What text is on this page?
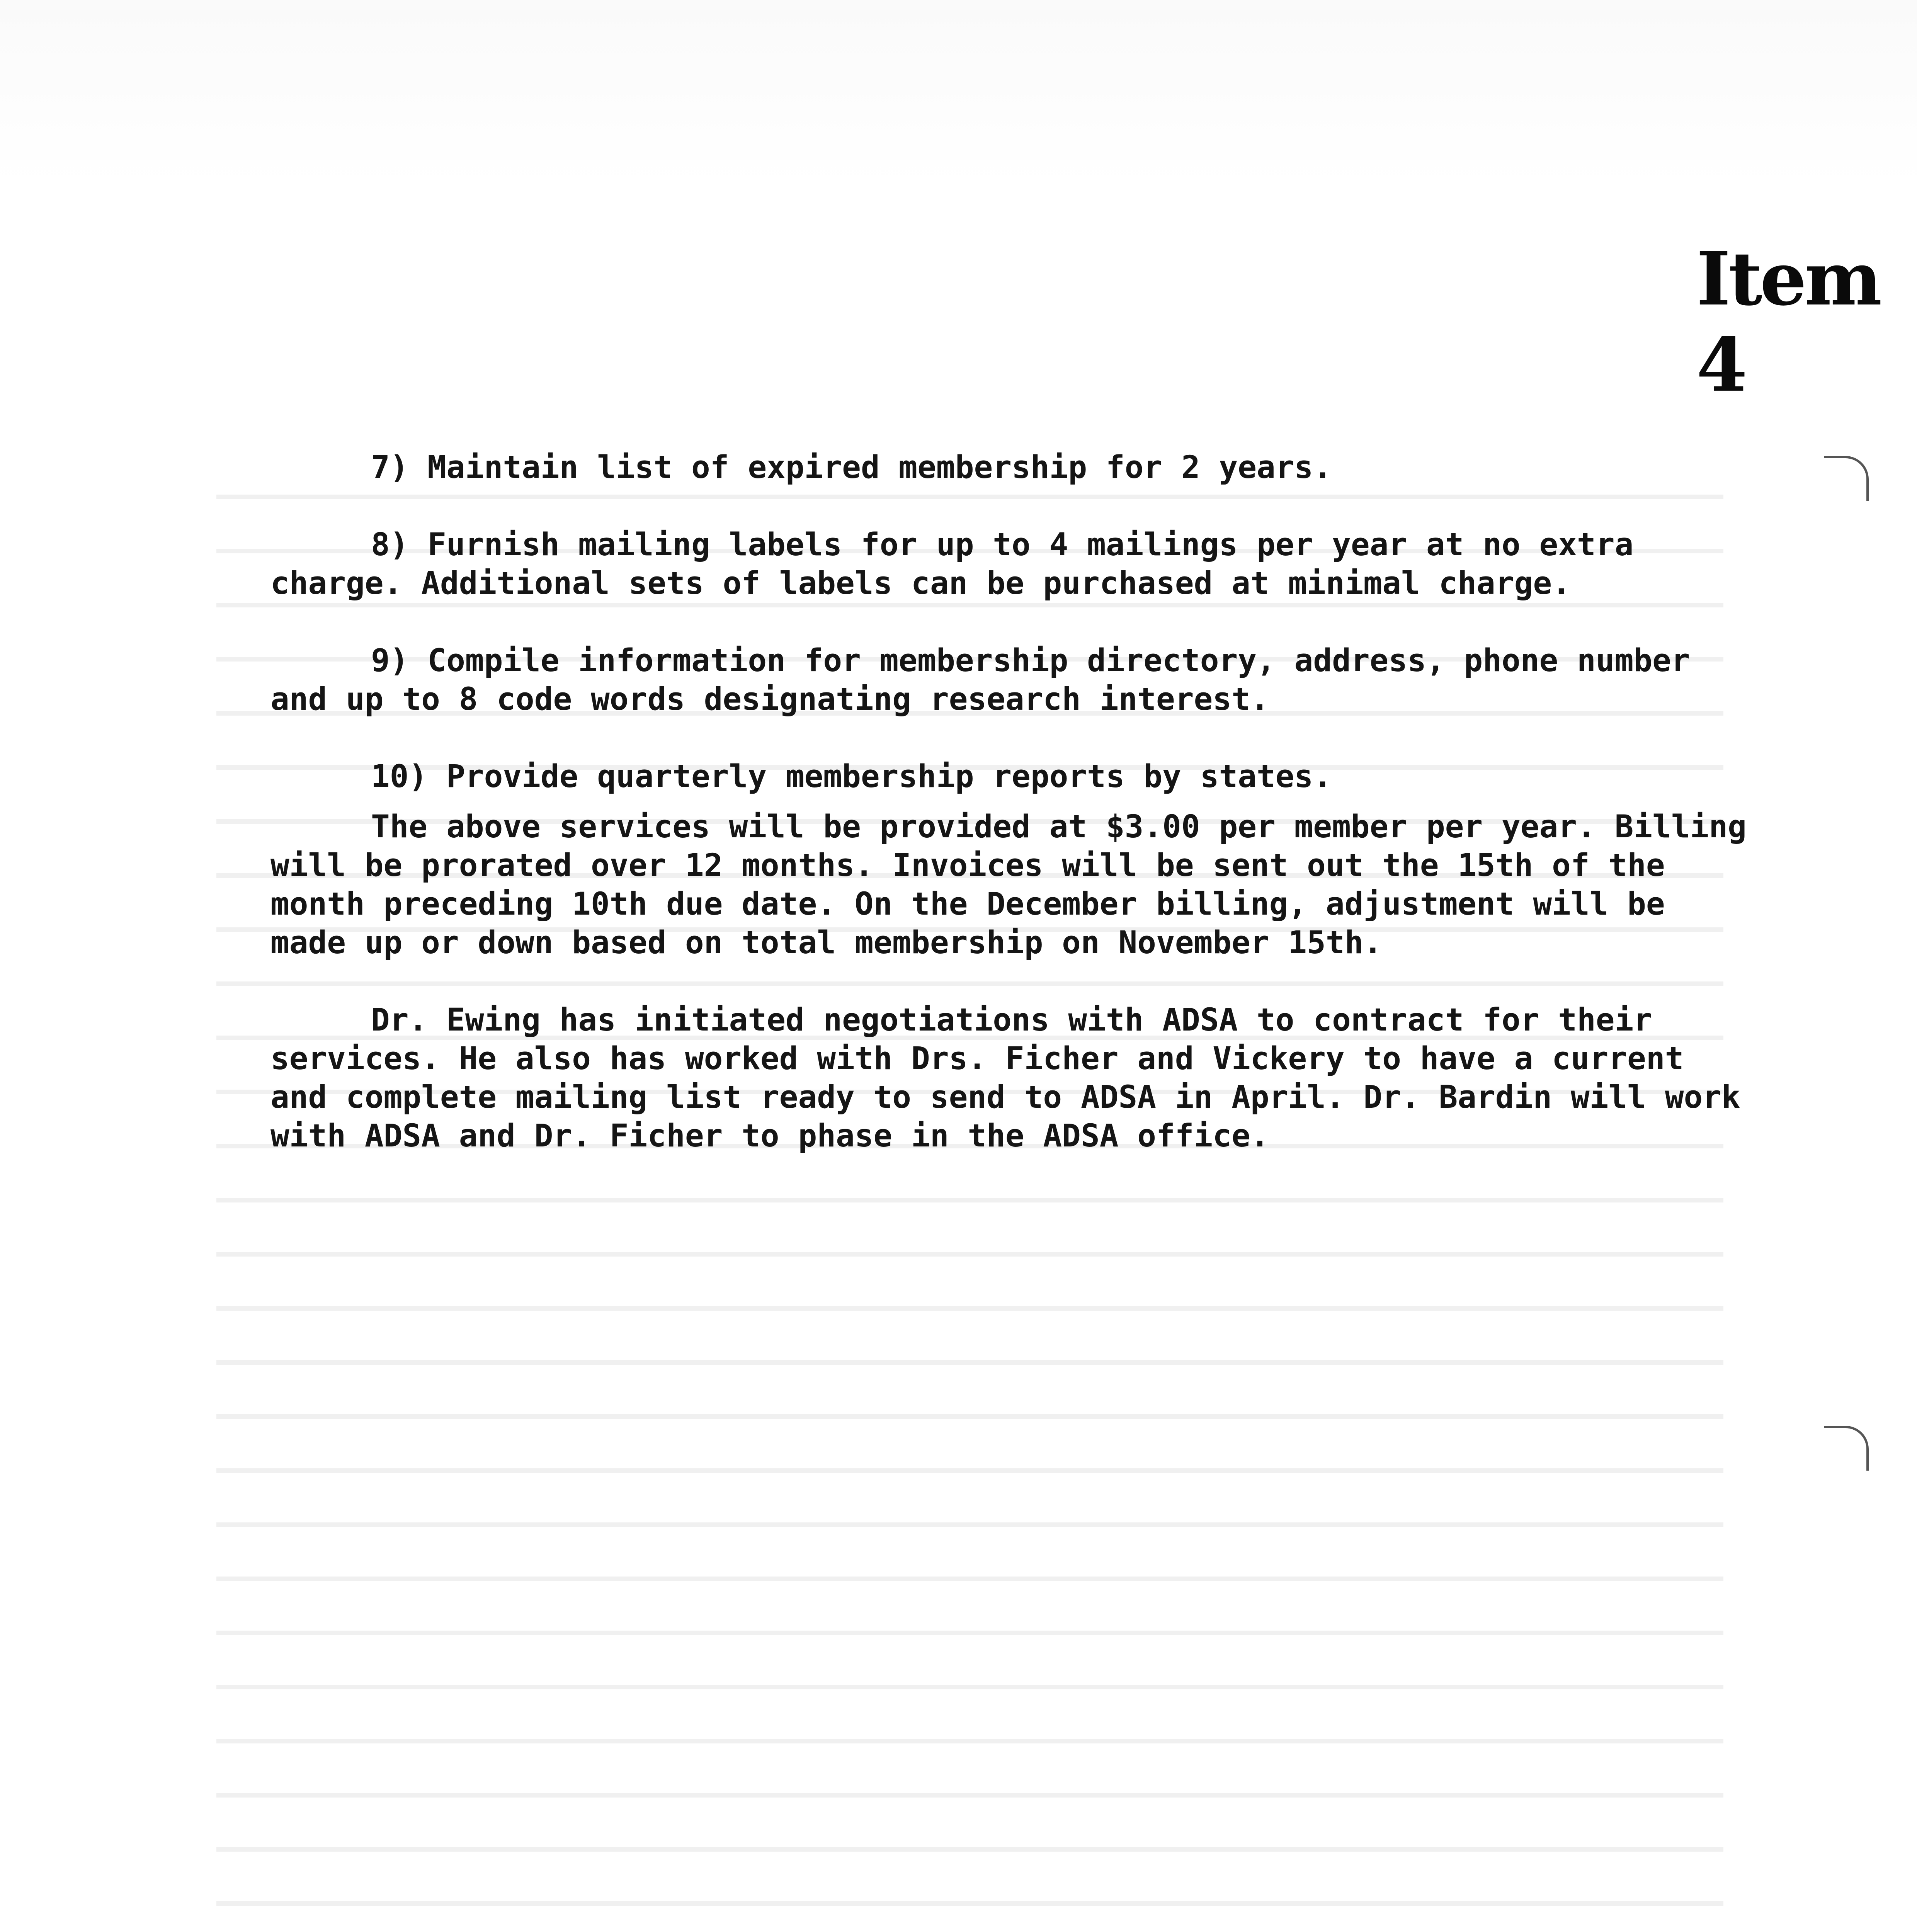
Item 4

7) Maintain list of expired membership for 2 years.

8) Furnish mailing labels for up to 4 mailings per year at no extra
charge. Additional sets of labels can be purchased at minimal charge.

9) Compile information for membership directory, address, phone number
and up to 8 code words designating research interest.

10) Provide quarterly membership reports by states.

The above services will be provided at $3.00 per member per year. Billing
will be prorated over 12 months. Invoices will be sent out the 15th of the
month preceding 10th due date. On the December billing, adjustment will be
made up or down based on total membership on November 15th.

Dr. Ewing has initiated negotiations with ADSA to contract for their
services. He also has worked with Drs. Ficher and Vickery to have a current
and complete mailing list ready to send to ADSA in April. Dr. Bardin will work
with ADSA and Dr. Ficher to phase in the ADSA office.
